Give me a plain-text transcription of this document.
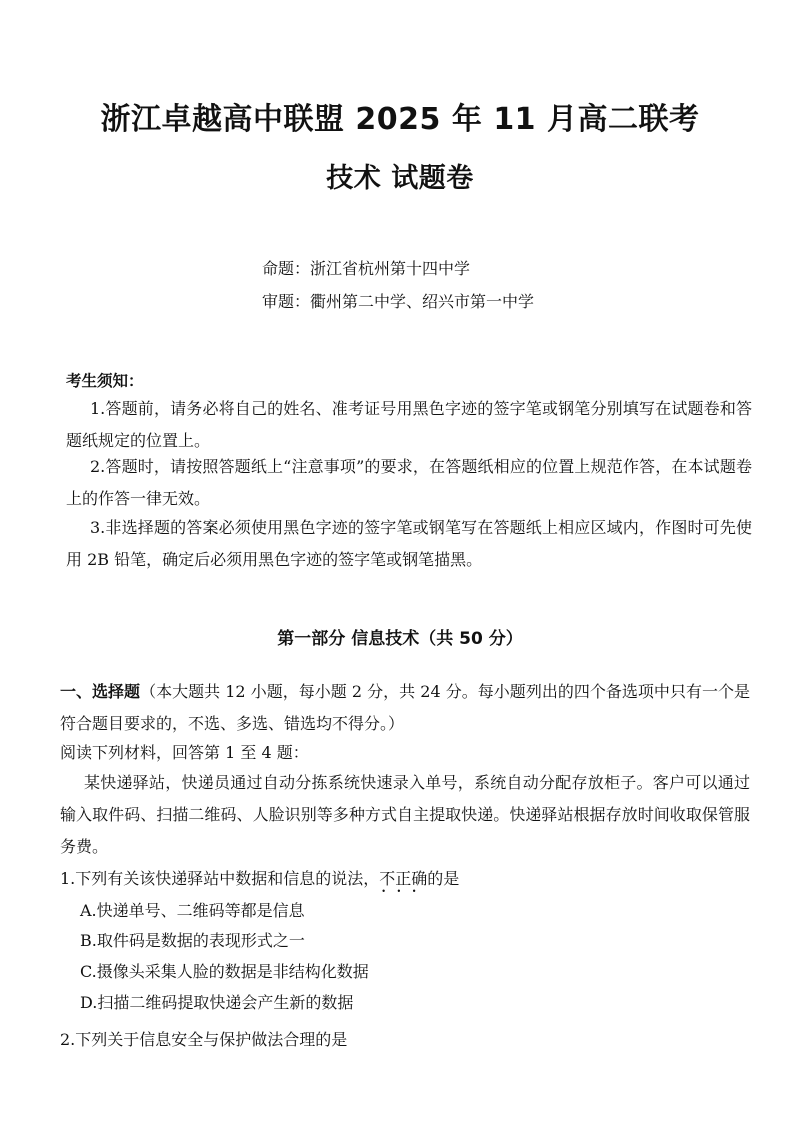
浙江卓越高中联盟 2025 年 11 月高二联考
技术 试题卷
命题：浙江省杭州第十四中学
审题：衢州第二中学、绍兴市第一中学
考生须知：
1.答题前，请务必将自己的姓名、准考证号用黑色字迹的签字笔或钢笔分别填写在试题卷和答题纸规定的位置上。
2.答题时，请按照答题纸上“注意事项”的要求，在答题纸相应的位置上规范作答，在本试题卷上的作答一律无效。
3.非选择题的答案必须使用黑色字迹的签字笔或钢笔写在答题纸上相应区域内，作图时可先使用 2B 铅笔，确定后必须用黑色字迹的签字笔或钢笔描黑。
第一部分 信息技术（共 50 分）
一、选择题（本大题共 12 小题，每小题 2 分，共 24 分。每小题列出的四个备选项中只有一个是符合题目要求的，不选、多选、错选均不得分。）
阅读下列材料，回答第 1 至 4 题：
某快递驿站，快递员通过自动分拣系统快速录入单号，系统自动分配存放柜子。客户可以通过输入取件码、扫描二维码、人脸识别等多种方式自主提取快递。快递驿站根据存放时间收取保管服务费。
1.下列有关该快递驿站中数据和信息的说法，不正确 • • •的是
A.快递单号、二维码等都是信息
B.取件码是数据的表现形式之一
C.摄像头采集人脸的数据是非结构化数据
D.扫描二维码提取快递会产生新的数据
2.下列关于信息安全与保护做法合理的是
